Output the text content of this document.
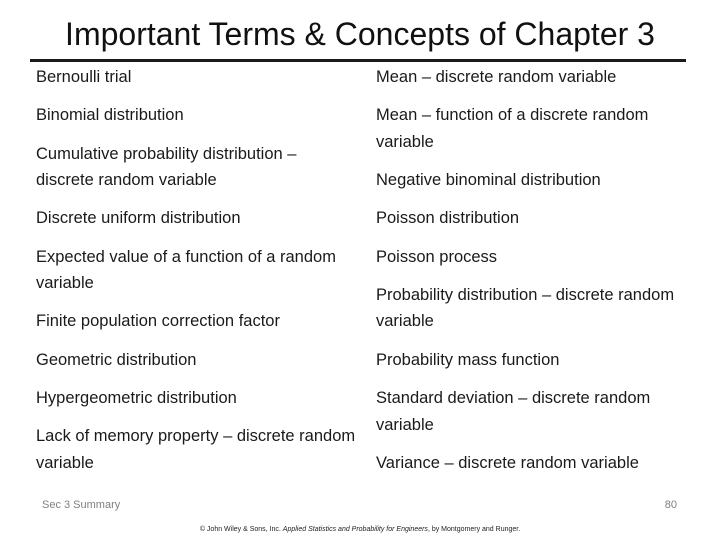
Important Terms & Concepts of Chapter 3
Bernoulli trial
Binomial distribution
Cumulative probability distribution – discrete random variable
Discrete uniform distribution
Expected value of a function of a random variable
Finite population correction factor
Geometric distribution
Hypergeometric distribution
Lack of memory property – discrete random variable
Mean – discrete random variable
Mean – function of a discrete random variable
Negative binominal distribution
Poisson distribution
Poisson process
Probability distribution – discrete random variable
Probability mass function
Standard deviation – discrete random variable
Variance – discrete random variable
Sec 3 Summary	80
© John Wiley & Sons, Inc. Applied Statistics and Probability for Engineers, by Montgomery and Runger.
